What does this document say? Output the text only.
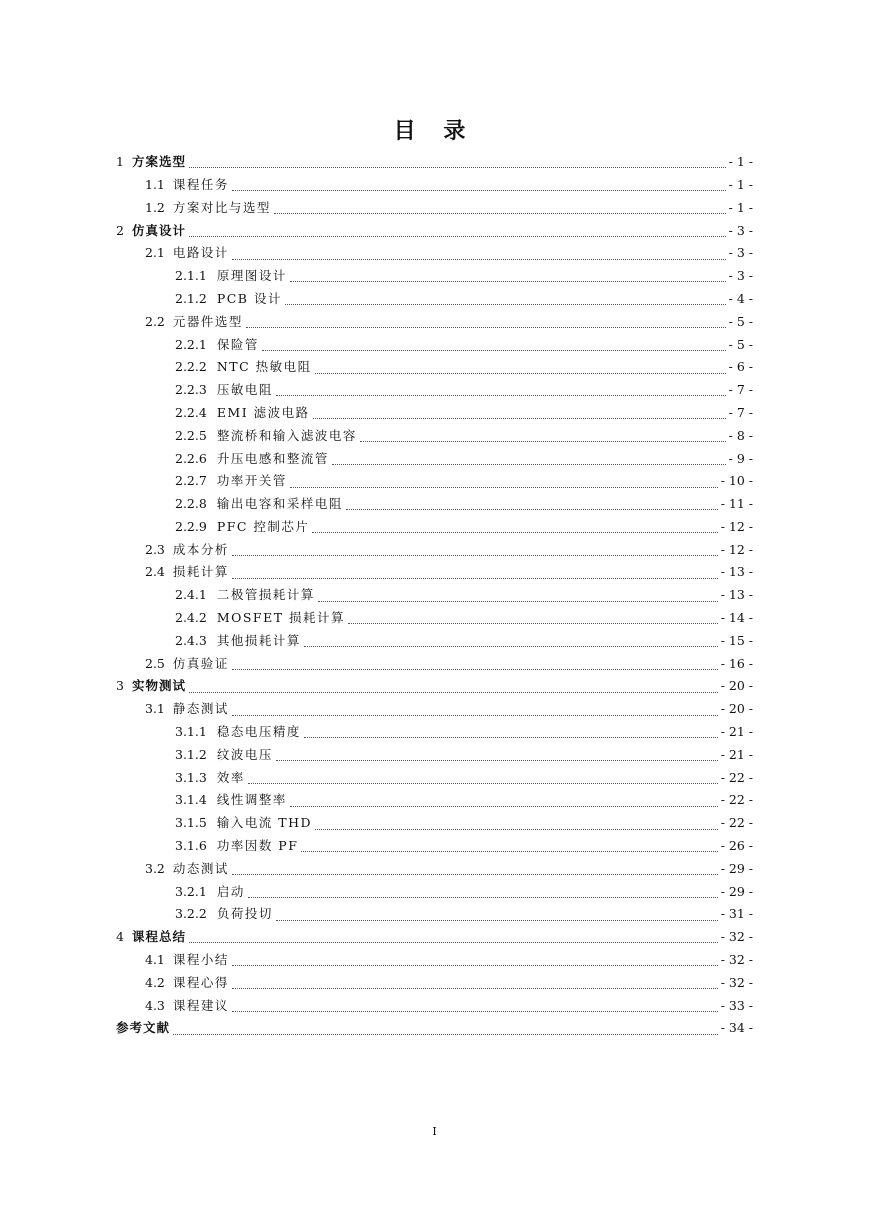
目 录
1 方案选型	- 1 -
1.1 课程任务	- 1 -
1.2 方案对比与选型	- 1 -
2 仿真设计	- 3 -
2.1 电路设计	- 3 -
2.1.1 原理图设计	- 3 -
2.1.2 PCB 设计	- 4 -
2.2 元器件选型	- 5 -
2.2.1 保险管	- 5 -
2.2.2 NTC 热敏电阻	- 6 -
2.2.3 压敏电阻	- 7 -
2.2.4 EMI 滤波电路	- 7 -
2.2.5 整流桥和输入滤波电容	- 8 -
2.2.6 升压电感和整流管	- 9 -
2.2.7 功率开关管	- 10 -
2.2.8 输出电容和采样电阻	- 11 -
2.2.9 PFC 控制芯片	- 12 -
2.3 成本分析	- 12 -
2.4 损耗计算	- 13 -
2.4.1 二极管损耗计算	- 13 -
2.4.2 MOSFET 损耗计算	- 14 -
2.4.3 其他损耗计算	- 15 -
2.5 仿真验证	- 16 -
3 实物测试	- 20 -
3.1 静态测试	- 20 -
3.1.1 稳态电压精度	- 21 -
3.1.2 纹波电压	- 21 -
3.1.3 效率	- 22 -
3.1.4 线性调整率	- 22 -
3.1.5 输入电流 THD	- 22 -
3.1.6 功率因数 PF	- 26 -
3.2 动态测试	- 29 -
3.2.1 启动	- 29 -
3.2.2 负荷投切	- 31 -
4 课程总结	- 32 -
4.1 课程小结	- 32 -
4.2 课程心得	- 32 -
4.3 课程建议	- 33 -
参考文献	- 34 -
I
